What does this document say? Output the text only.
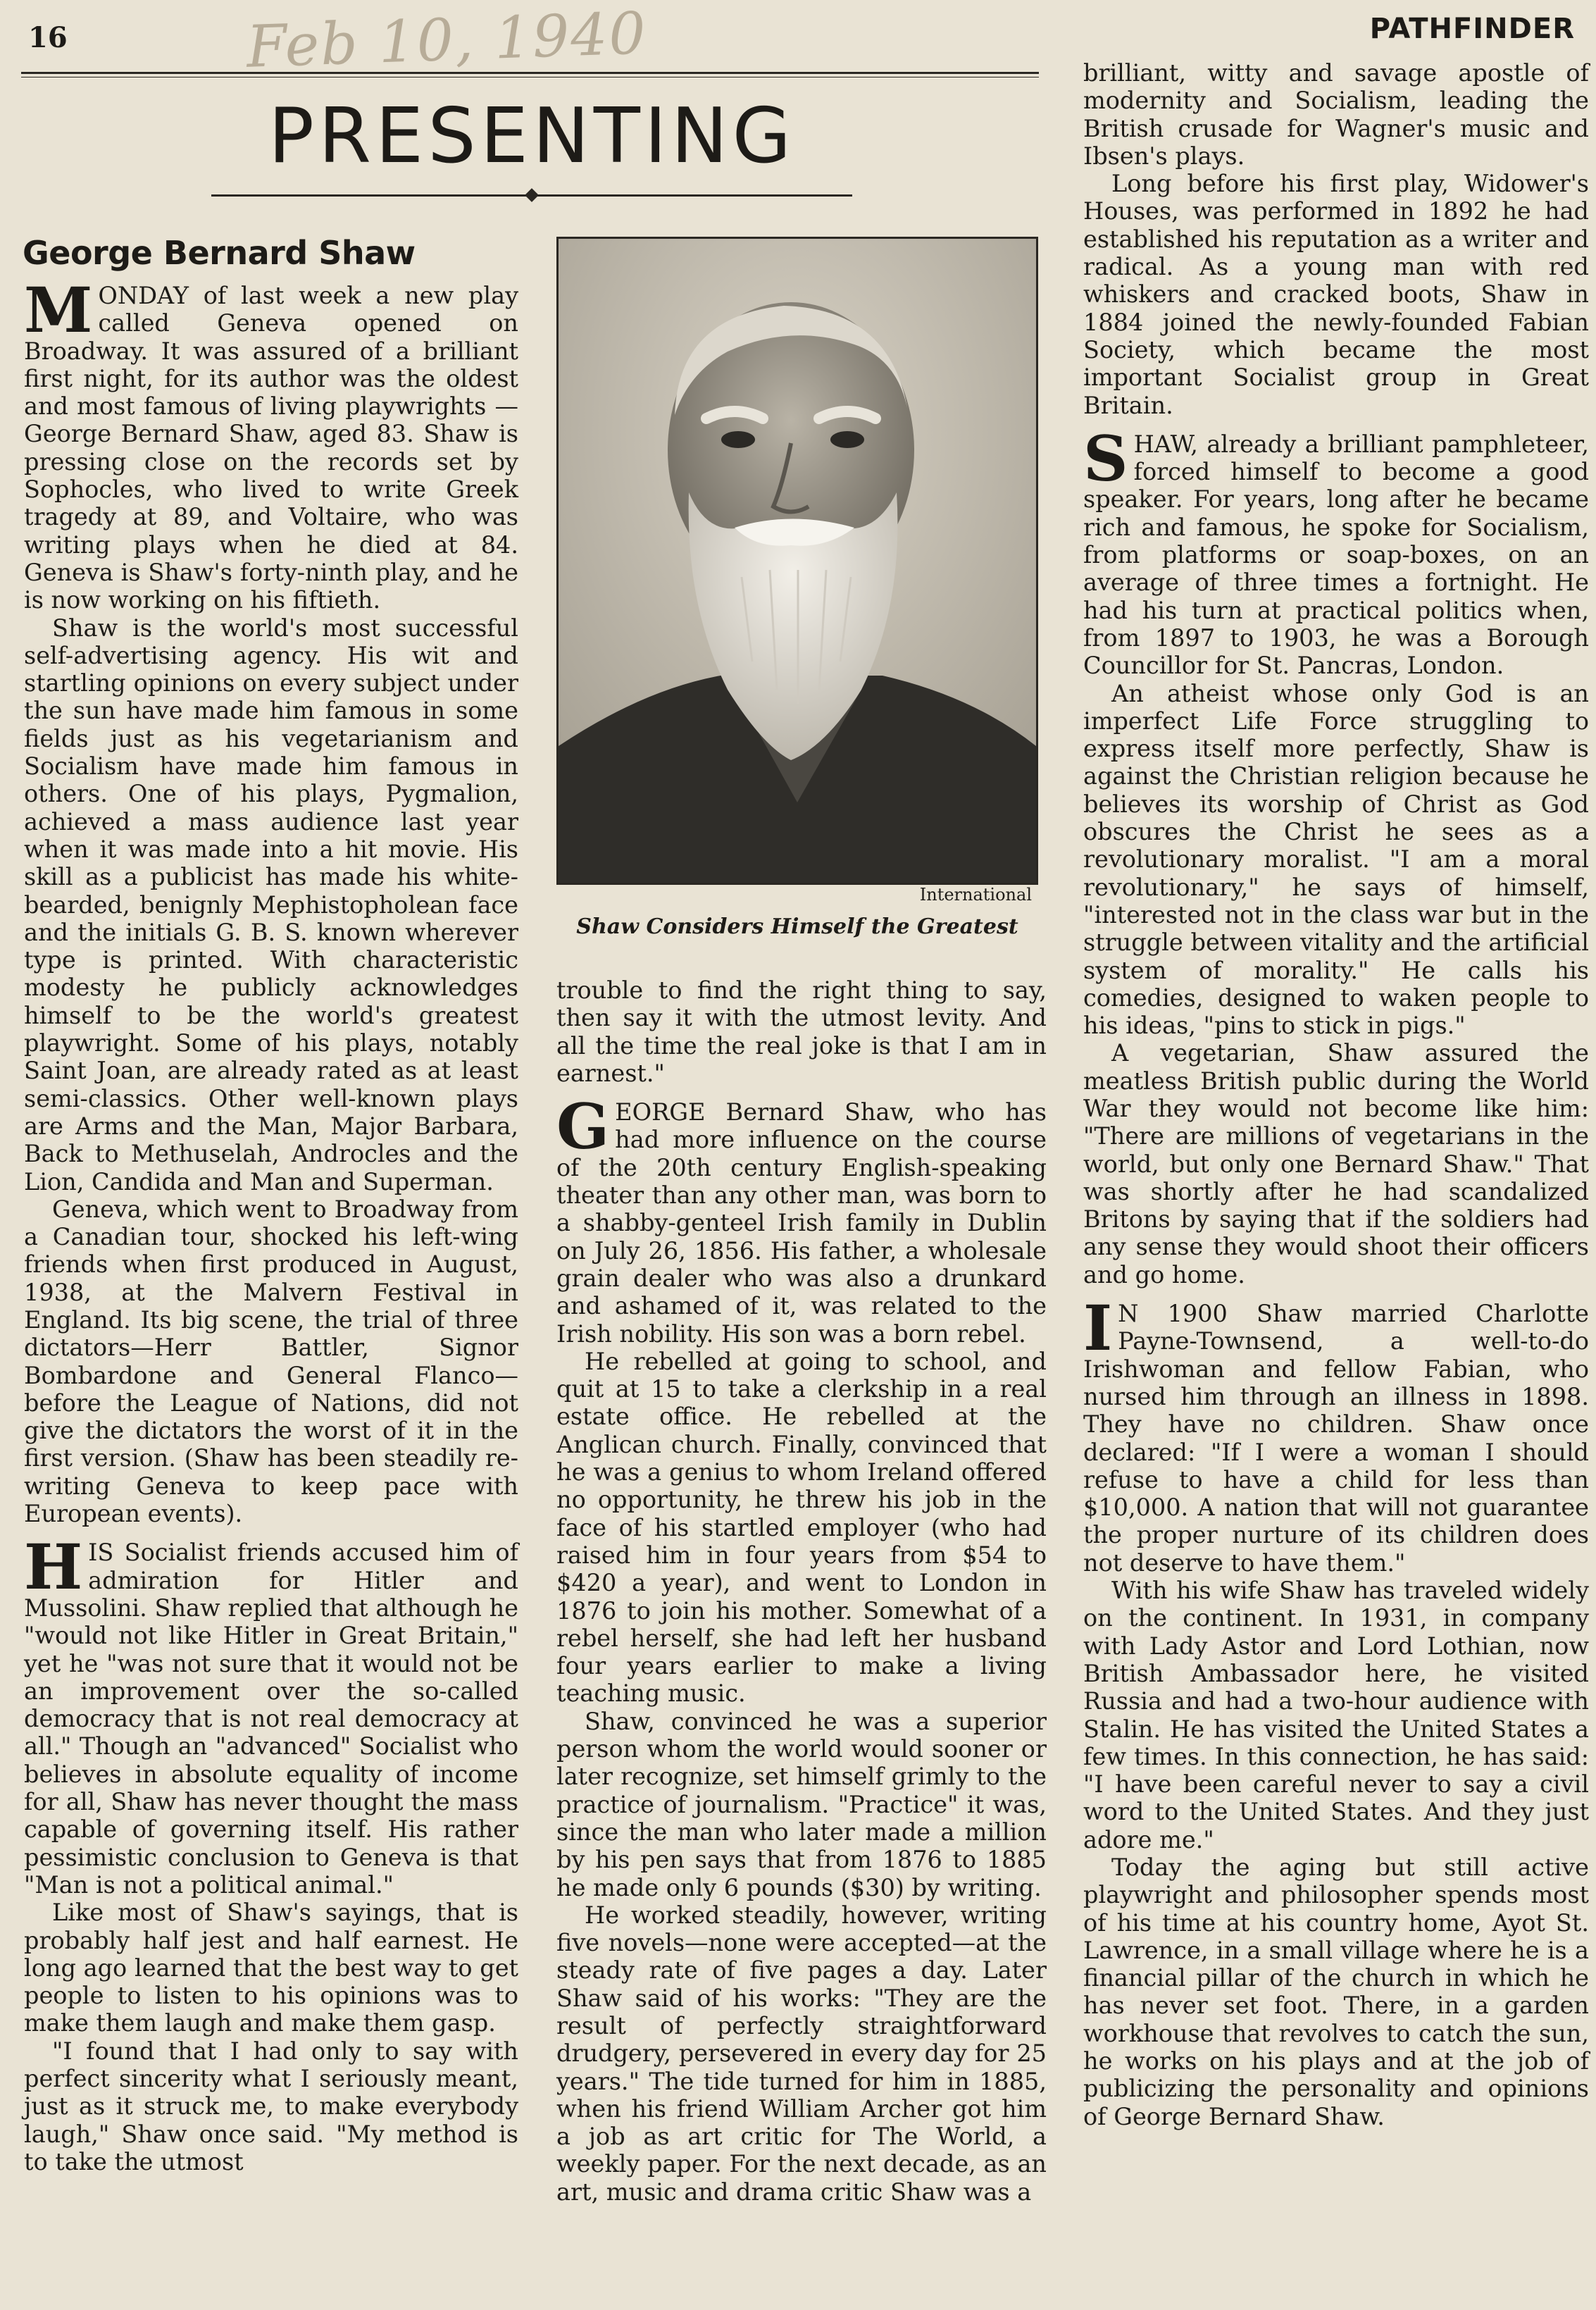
16	Feb 10, 1940	PATHFINDER
PRESENTING
George Bernard Shaw

MONDAY of last week a new play called Geneva opened on Broadway. It was assured of a brilliant first night, for its author was the oldest and most famous of living playwrights —George Bernard Shaw, aged 83. Shaw is pressing close on the records set by Sophocles, who lived to write Greek tragedy at 89, and Voltaire, who was writing plays when he died at 84. Geneva is Shaw's forty-ninth play, and he is now working on his fiftieth.

Shaw is the world's most successful self-advertising agency. His wit and startling opinions on every subject under the sun have made him famous in some fields just as his vegetarianism and Socialism have made him famous in others. One of his plays, Pygmalion, achieved a mass audience last year when it was made into a hit movie. His skill as a publicist has made his white-bearded, benignly Mephistopholean face and the initials G. B. S. known wherever type is printed. With characteristic modesty he publicly acknowledges himself to be the world's greatest playwright. Some of his plays, notably Saint Joan, are already rated as at least semi-classics. Other well-known plays are Arms and the Man, Major Barbara, Back to Methuselah, Androcles and the Lion, Candida and Man and Superman.

Geneva, which went to Broadway from a Canadian tour, shocked his left-wing friends when first produced in August, 1938, at the Malvern Festival in England. Its big scene, the trial of three dictators—Herr Battler, Signor Bombardone and General Flanco—before the League of Nations, did not give the dictators the worst of it in the first version. (Shaw has been steadily re-writing Geneva to keep pace with European events).

HIS Socialist friends accused him of admiration for Hitler and Mussolini. Shaw replied that although he "would not like Hitler in Great Britain," yet he "was not sure that it would not be an improvement over the so-called democracy that is not real democracy at all." Though an "advanced" Socialist who believes in absolute equality of income for all, Shaw has never thought the mass capable of governing itself. His rather pessimistic conclusion to Geneva is that "Man is not a political animal."

Like most of Shaw's sayings, that is probably half jest and half earnest. He long ago learned that the best way to get people to listen to his opinions was to make them laugh and make them gasp.

"I found that I had only to say with perfect sincerity what I seriously meant, just as it struck me, to make everybody laugh," Shaw once said. "My method is to take the utmost

International
Shaw Considers Himself the Greatest

trouble to find the right thing to say, then say it with the utmost levity. And all the time the real joke is that I am in earnest."

GEORGE Bernard Shaw, who has had more influence on the course of the 20th century English-speaking theater than any other man, was born to a shabby-genteel Irish family in Dublin on July 26, 1856. His father, a wholesale grain dealer who was also a drunkard and ashamed of it, was related to the Irish nobility. His son was a born rebel.

He rebelled at going to school, and quit at 15 to take a clerkship in a real estate office. He rebelled at the Anglican church. Finally, convinced that he was a genius to whom Ireland offered no opportunity, he threw his job in the face of his startled employer (who had raised him in four years from $54 to $420 a year), and went to London in 1876 to join his mother. Somewhat of a rebel herself, she had left her husband four years earlier to make a living teaching music.

Shaw, convinced he was a superior person whom the world would sooner or later recognize, set himself grimly to the practice of journalism. "Practice" it was, since the man who later made a million by his pen says that from 1876 to 1885 he made only 6 pounds ($30) by writing.

He worked steadily, however, writing five novels—none were accepted—at the steady rate of five pages a day. Later Shaw said of his works: "They are the result of perfectly straightforward drudgery, persevered in every day for 25 years." The tide turned for him in 1885, when his friend William Archer got him a job as art critic for The World, a weekly paper. For the next decade, as an art, music and drama critic Shaw was a

brilliant, witty and savage apostle of modernity and Socialism, leading the British crusade for Wagner's music and Ibsen's plays.

Long before his first play, Widower's Houses, was performed in 1892 he had established his reputation as a writer and radical. As a young man with red whiskers and cracked boots, Shaw in 1884 joined the newly-founded Fabian Society, which became the most important Socialist group in Great Britain.

SHAW, already a brilliant pamphleteer, forced himself to become a good speaker. For years, long after he became rich and famous, he spoke for Socialism, from platforms or soap-boxes, on an average of three times a fortnight. He had his turn at practical politics when, from 1897 to 1903, he was a Borough Councillor for St. Pancras, London.

An atheist whose only God is an imperfect Life Force struggling to express itself more perfectly, Shaw is against the Christian religion because he believes its worship of Christ as God obscures the Christ he sees as a revolutionary moralist. "I am a moral revolutionary," he says of himself, "interested not in the class war but in the struggle between vitality and the artificial system of morality." He calls his comedies, designed to waken people to his ideas, "pins to stick in pigs."

A vegetarian, Shaw assured the meatless British public during the World War they would not become like him: "There are millions of vegetarians in the world, but only one Bernard Shaw." That was shortly after he had scandalized Britons by saying that if the soldiers had any sense they would shoot their officers and go home.

I N 1900 Shaw married Charlotte Payne-Townsend, a well-to-do Irishwoman and fellow Fabian, who nursed him through an illness in 1898. They have no children. Shaw once declared: "If I were a woman I should refuse to have a child for less than $10,000. A nation that will not guarantee the proper nurture of its children does not deserve to have them."

With his wife Shaw has traveled widely on the continent. In 1931, in company with Lady Astor and Lord Lothian, now British Ambassador here, he visited Russia and had a two-hour audience with Stalin. He has visited the United States a few times. In this connection, he has said: "I have been careful never to say a civil word to the United States. And they just adore me."

Today the aging but still active playwright and philosopher spends most of his time at his country home, Ayot St. Lawrence, in a small village where he is a financial pillar of the church in which he has never set foot. There, in a garden workhouse that revolves to catch the sun, he works on his plays and at the job of publicizing the personality and opinions of George Bernard Shaw.
